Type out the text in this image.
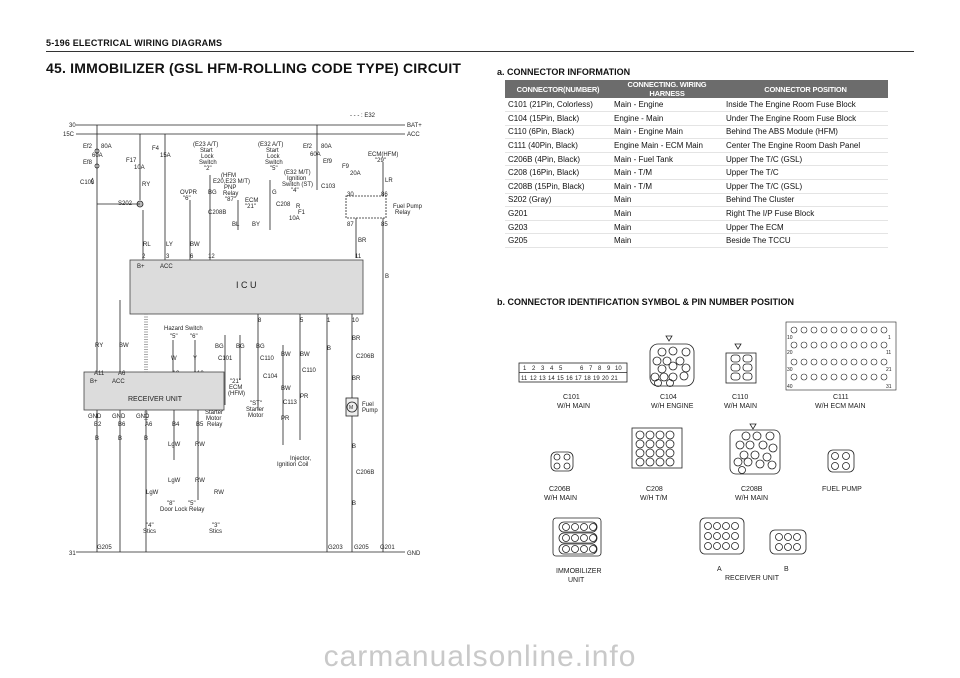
5-196 ELECTRICAL WIRING DIAGRAMS
45. IMMOBILIZER (GSL HFM-ROLLING CODE TYPE) CIRCUIT
30
15C
BAT+
ACC
31	GND
- - - : E32
Ef2 80A
Ef8
60A
C103
F17
10A
RY
S202
F4
15A
(E23 A/T)
Start
Lock
Switch
"2"
(HFM
E20,E23 M/T)
PNP
Relay
"87"
OVPR
"6"
(E32 A/T)
Start
Lock
Switch
"5"
(E32 M/T)
Ignition
Switch (ST)
"4"
ECM
"21"
Ef2 80A
Ef9
60A
C103
F9
20A
F1
10A
ECM(HFM)
"29"
Fuel Pump
Relay
30	86
87	85
LR
BR
B
RL	LY	BW
BG
BL BY
G
R
C208B
C208
I C U
B+	ACC
2	3	6 12
8	5	1	10
11
RY	BW
Hazard Switch
"5" "6"
W	Y
BG BG BG
BW BW
BW
PR
PR
B
BR
BR
B
B
C101	C110
C104
C110
C113
C206B
C206B
Starter
Motor
Relay
"21"
ECM
(HFM)
"ST"
Starter
Motor
Injector,
Ignition Coil
M Fuel
Pump
RECEIVER UNIT
B+ ACC
A11 A6
GND GND GND
B2	B6	A6	B4	B5
B	B	B
LgW
LgW
LgW
RW
RW
RW
"8" "5"
Door Lock Relay
"4"
Stics
"3"
Stics
G205	G203 G205 G201
a. CONNECTOR INFORMATION
CONNECTOR(NUMBER)	CONNECTING. WIRING HARNESS	CONNECTOR POSITION
C101 (21Pin, Colorless)	Main - Engine	Inside The Engine Room Fuse Block
C104 (15Pin, Black)	Engine - Main	Under The Engine Room Fuse Block
C110 (6Pin, Black)	Main - Engine Main	Behind The ABS Module (HFM)
C111 (40Pin, Black)	Engine Main - ECM Main	Center The Engine Room Dash Panel
C206B (4Pin, Black)	Main - Fuel Tank	Upper The T/C (GSL)
C208 (16Pin, Black)	Main - T/M	Upper The T/C
C208B (15Pin, Black)	Main - T/M	Upper The T/C (GSL)
S202 (Gray)	Main	Behind The Cluster
G201	Main	Right The I/P Fuse Block
G203	Main	Upper The ECM
G205	Main	Beside The TCCU
b. CONNECTOR IDENTIFICATION SYMBOL & PIN NUMBER POSITION
1 2 3 4 5	6 7 8 9 10
11 12 13 14 15 16 17 18 19 20 21
C101
W/H MAIN
C104
W/H ENGINE
C110
W/H MAIN
10	1
20	11
30	21
40	31
C111
W/H ECM MAIN
C206B
W/H MAIN
C208
W/H T/M
C208B
W/H MAIN
FUEL PUMP
IMMOBILIZER
UNIT
A	B
RECEIVER UNIT
carmanualsonline.info
